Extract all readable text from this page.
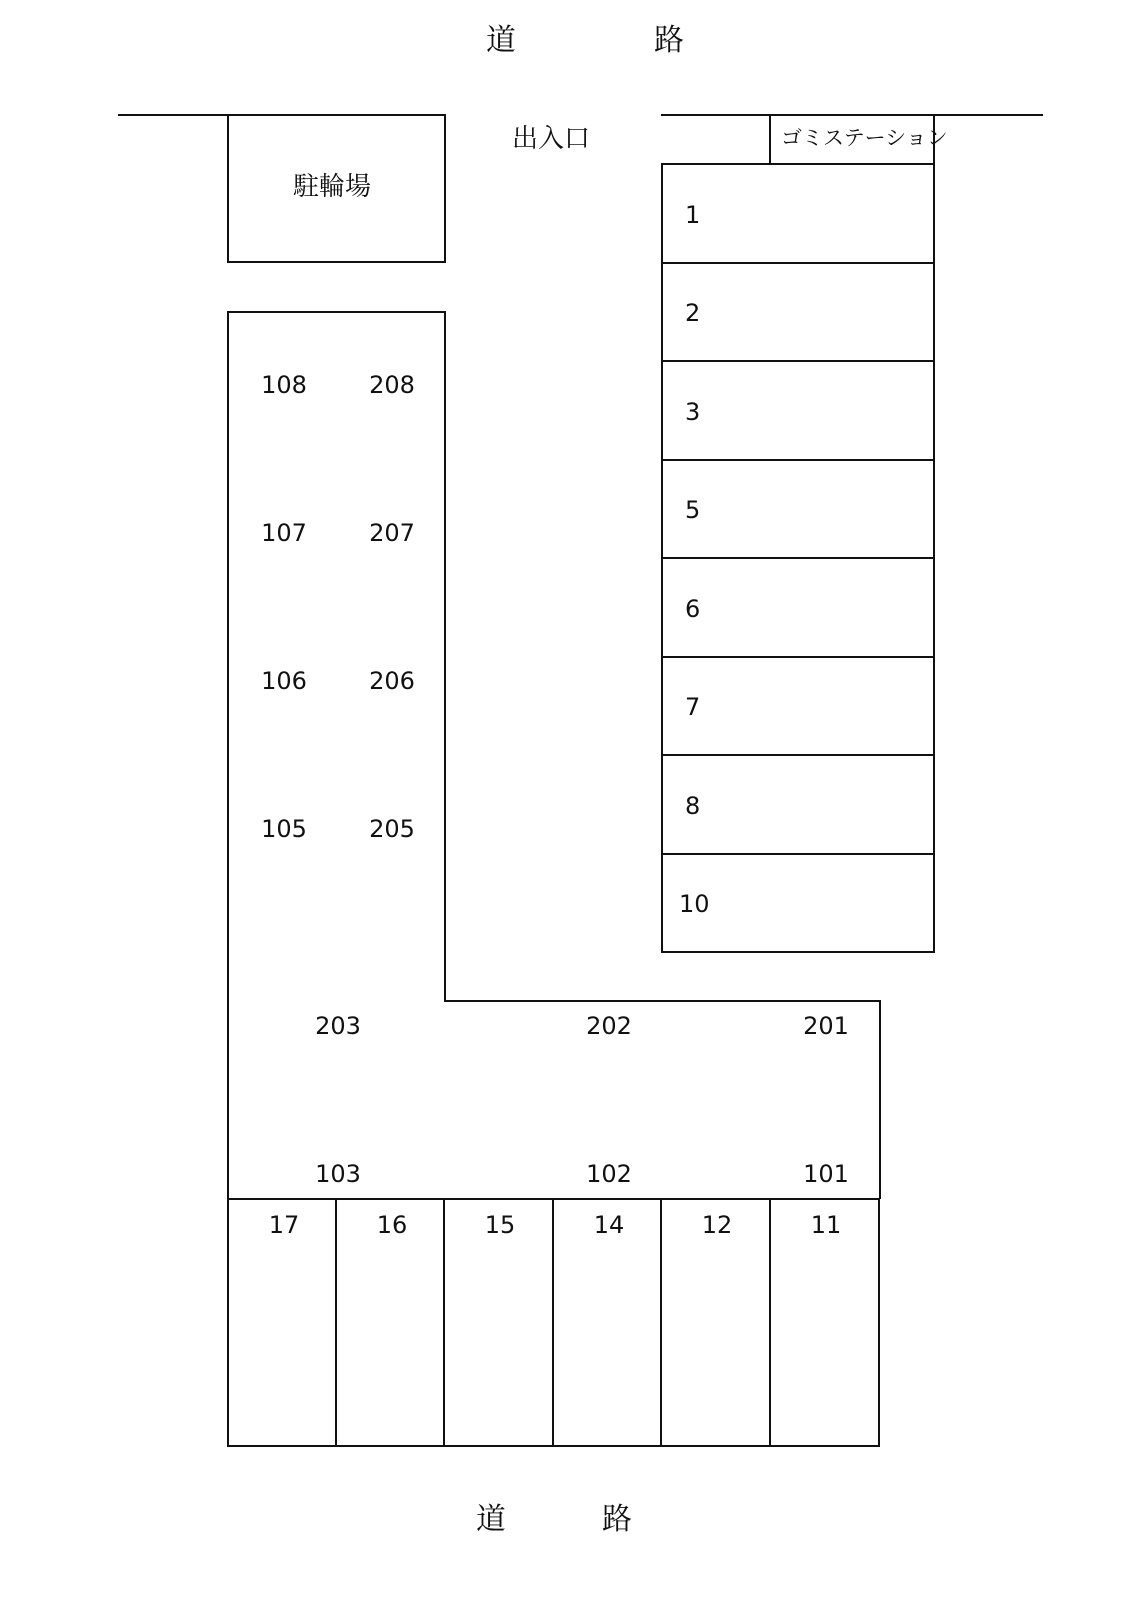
道	路
道	路
出入口
駐輪場
ゴミステーション
1
2
3
5
6
7
8
10
108	208
107	207
106	206
105	205
203	202	201
103	102	101
17	16	15	14	12	11
